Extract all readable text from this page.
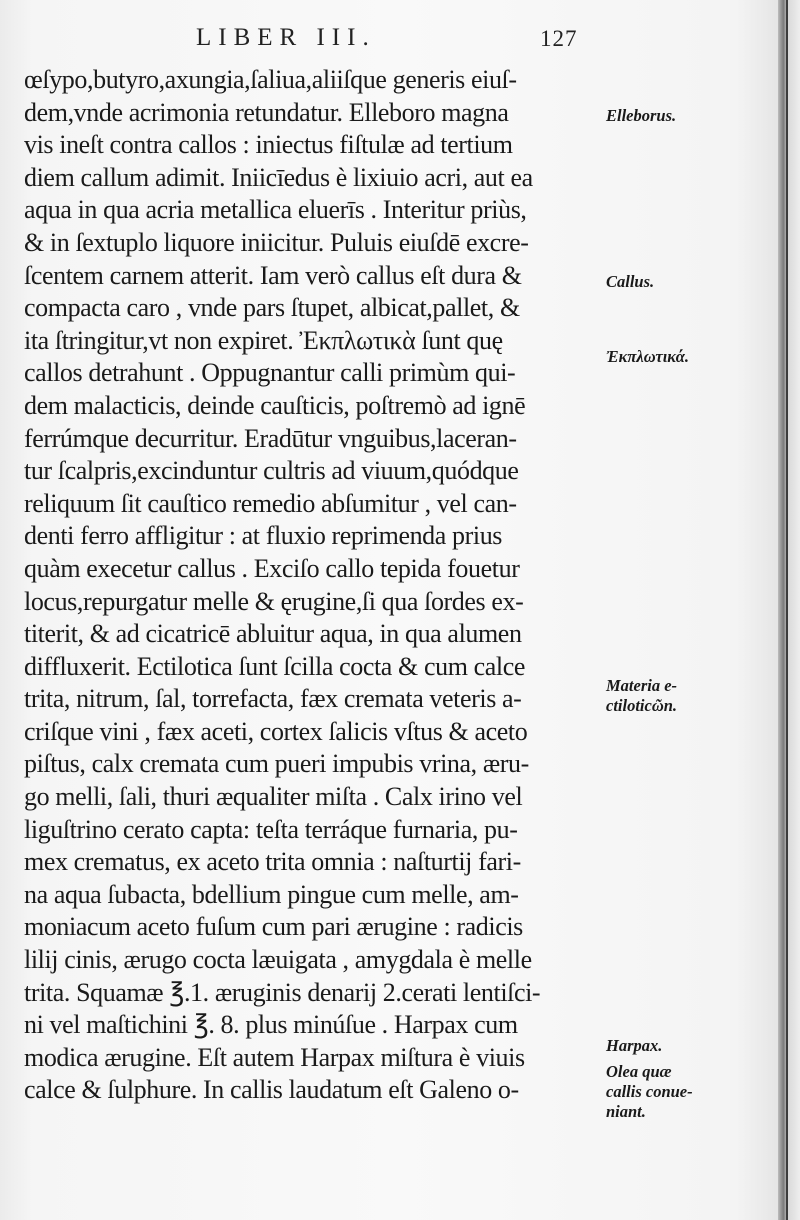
LIBER III.	127
œſypo,butyro,axungia,ſaliua,aliiſque generis eiuſ-
dem,vnde acrimonia retundatur. Elleboro magna
vis ineſt contra callos : iniectus fiſtulæ ad tertium
diem callum adimit. Iniicīedus è lixiuio acri, aut ea
aqua in qua acria metallica eluerīs . Interitur priùs,
& in ſextuplo liquore iniicitur. Puluis eiuſdē excre-
ſcentem carnem atterit. Iam verò callus eſt dura &
compacta caro , vnde pars ſtupet, albicat,pallet, &
ita ſtringitur,vt non expiret. Ἐκπλωτικὰ ſunt quę
callos detrahunt . Oppugnantur calli primùm qui-
dem malacticis, deinde cauſticis, poſtremò ad ignē
ferrúmque decurritur. Eradūtur vnguibus,laceran-
tur ſcalpris,excinduntur cultris ad viuum,quódque
reliquum ſit cauſtico remedio abſumitur , vel can-
denti ferro affligitur : at fluxio reprimenda prius
quàm execetur callus . Exciſo callo tepida fouetur
locus,repurgatur melle & ęrugine,ſi qua ſordes ex-
titerit, & ad cicatricē abluitur aqua, in qua alumen
diffluxerit. Ectilotica ſunt ſcilla cocta & cum calce
trita, nitrum, ſal, torrefacta, fæx cremata veteris a-
criſque vini , fæx aceti, cortex ſalicis vſtus & aceto
piſtus, calx cremata cum pueri impubis vrina, æru-
go melli, ſali, thuri æqualiter miſta . Calx irino vel
liguſtrino cerato capta: teſta terráque furnaria, pu-
mex crematus, ex aceto trita omnia : naſturtij fari-
na aqua ſubacta, bdellium pingue cum melle, am-
moniacum aceto fuſum cum pari ærugine : radicis
lilij cinis, ærugo cocta læuigata , amygdala è melle
trita. Squamæ ℥.1. æruginis denarij 2.cerati lentiſci-
ni vel maſtichini ℥. 8. plus minúſue . Harpax cum
modica ærugine. Eſt autem Harpax miſtura è viuis
calce & ſulphure. In callis laudatum eſt Galeno o-
Elleborus.
Callus.
Ἐκπλωτικά.
Materia e-
ctiloticῶn.
Harpax.
Olea quæ
callis conue-
niant.
